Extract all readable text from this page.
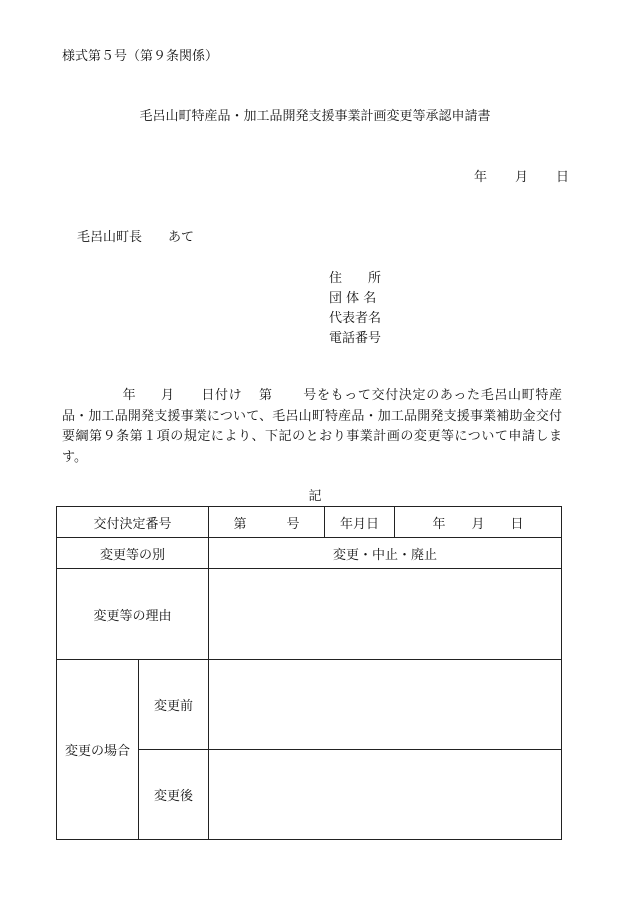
様式第５号（第９条関係）
毛呂山町特産品・加工品開発支援事業計画変更等承認申請書
年 月 日
毛呂山町長 あて
住　　所
団 体 名
代表者名
電話番号
年 月 日付け 第 号をもって交付決定のあった毛呂山町特産品・加工品開発支援事業について、毛呂山町特産品・加工品開発支援事業補助金交付要綱第９条第１項の規定により、下記のとおり事業計画の変更等について申請します。
記
交付決定番号		第 号	年月日	年 月 日
変更等の別		変更・中止・廃止		
変更等の理由				
変更の場合	変更前			
	変更後			
